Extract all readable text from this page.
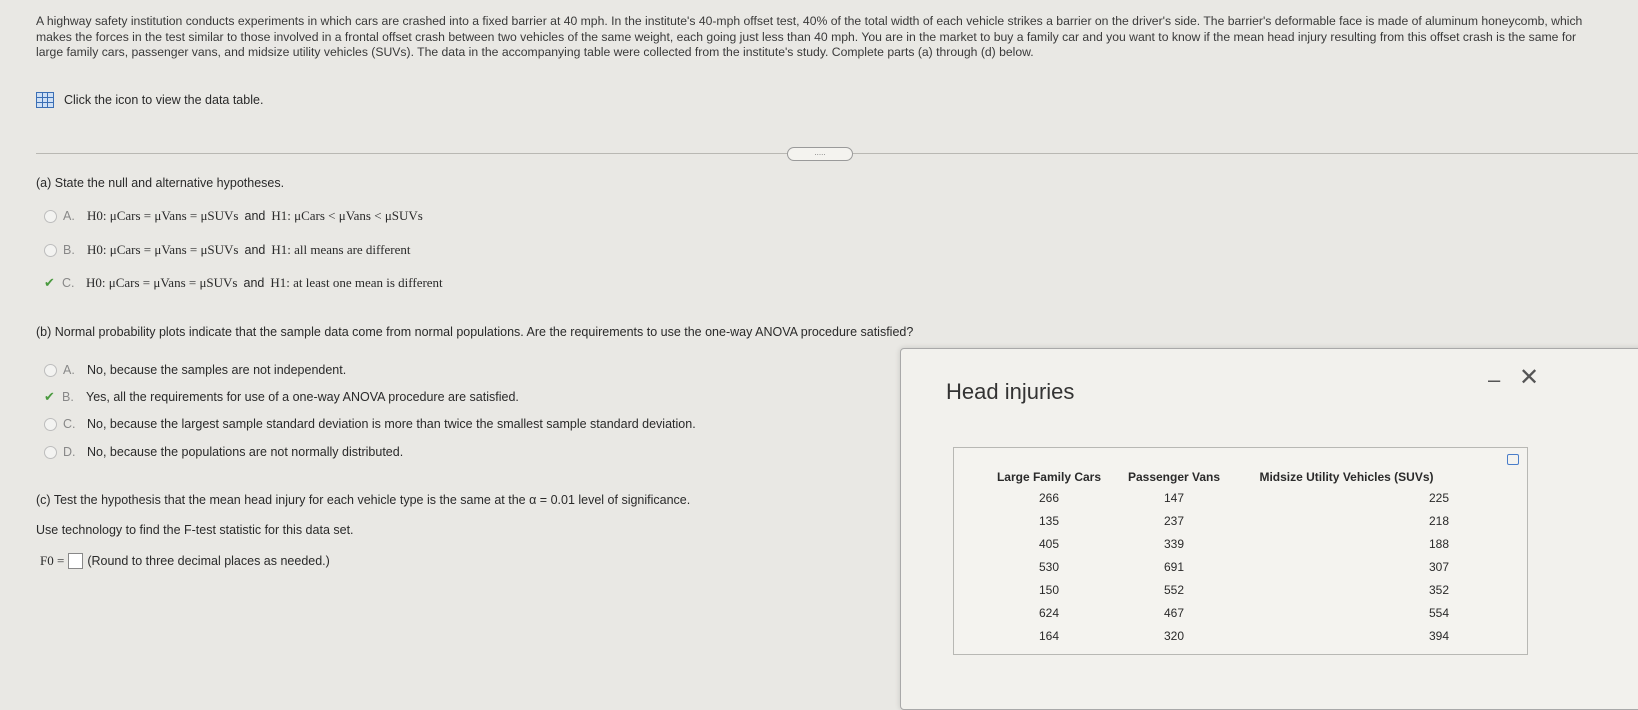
A highway safety institution conducts experiments in which cars are crashed into a fixed barrier at 40 mph. In the institute's 40-mph offset test, 40% of the total width of each vehicle strikes a barrier on the driver's side. The barrier's deformable face is made of aluminum honeycomb, which makes the forces in the test similar to those involved in a frontal offset crash between two vehicles of the same weight, each going just less than 40 mph. You are in the market to buy a family car and you want to know if the mean head injury resulting from this offset crash is the same for large family cars, passenger vans, and midsize utility vehicles (SUVs). The data in the accompanying table were collected from the institute's study. Complete parts (a) through (d) below.
Click the icon to view the data table.
.....
(a) State the null and alternative hypotheses.
A. H0: μCars = μVans = μSUVs and H1: μCars < μVans < μSUVs
B. H0: μCars = μVans = μSUVs and H1: all means are different
✔ C. H0: μCars = μVans = μSUVs and H1: at least one mean is different
(b) Normal probability plots indicate that the sample data come from normal populations. Are the requirements to use the one-way ANOVA procedure satisfied?
A. No, because the samples are not independent.
✔ B. Yes, all the requirements for use of a one-way ANOVA procedure are satisfied.
C. No, because the largest sample standard deviation is more than twice the smallest sample standard deviation.
D. No, because the populations are not normally distributed.
(c) Test the hypothesis that the mean head injury for each vehicle type is the same at the α = 0.01 level of significance.
Use technology to find the F-test statistic for this data set.
F0 = (Round to three decimal places as needed.)
Head injuries	– ✕
Large Family Cars	Passenger Vans	Midsize Utility Vehicles (SUVs)
266	147	225
135	237	218
405	339	188
530	691	307
150	552	352
624	467	554
164	320	394
